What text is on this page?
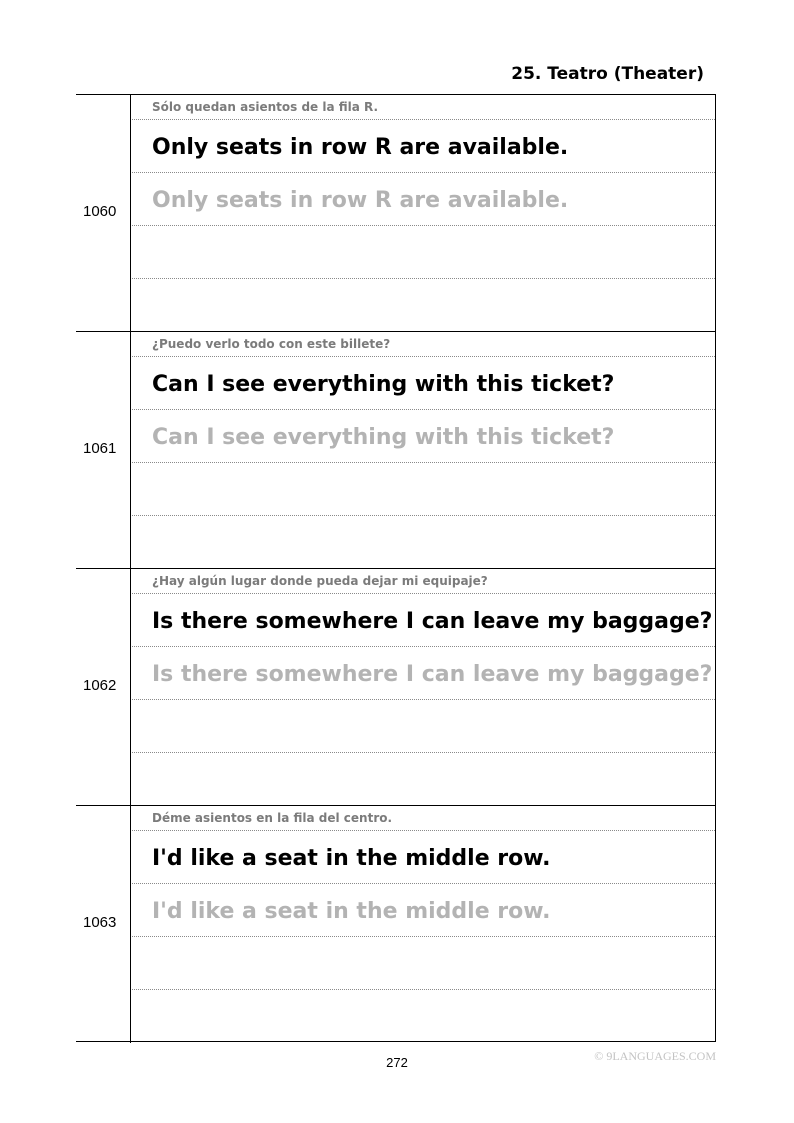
25. Teatro (Theater)
1060
Sólo quedan asientos de la fila R.
Only seats in row R are available.
Only seats in row R are available.
1061
¿Puedo verlo todo con este billete?
Can I see everything with this ticket?
Can I see everything with this ticket?
1062
¿Hay algún lugar donde pueda dejar mi equipaje?
Is there somewhere I can leave my baggage?
Is there somewhere I can leave my baggage?
1063
Déme asientos en la fila del centro.
I'd like a seat in the middle row.
I'd like a seat in the middle row.
272	© 9LANGUAGES.COM
